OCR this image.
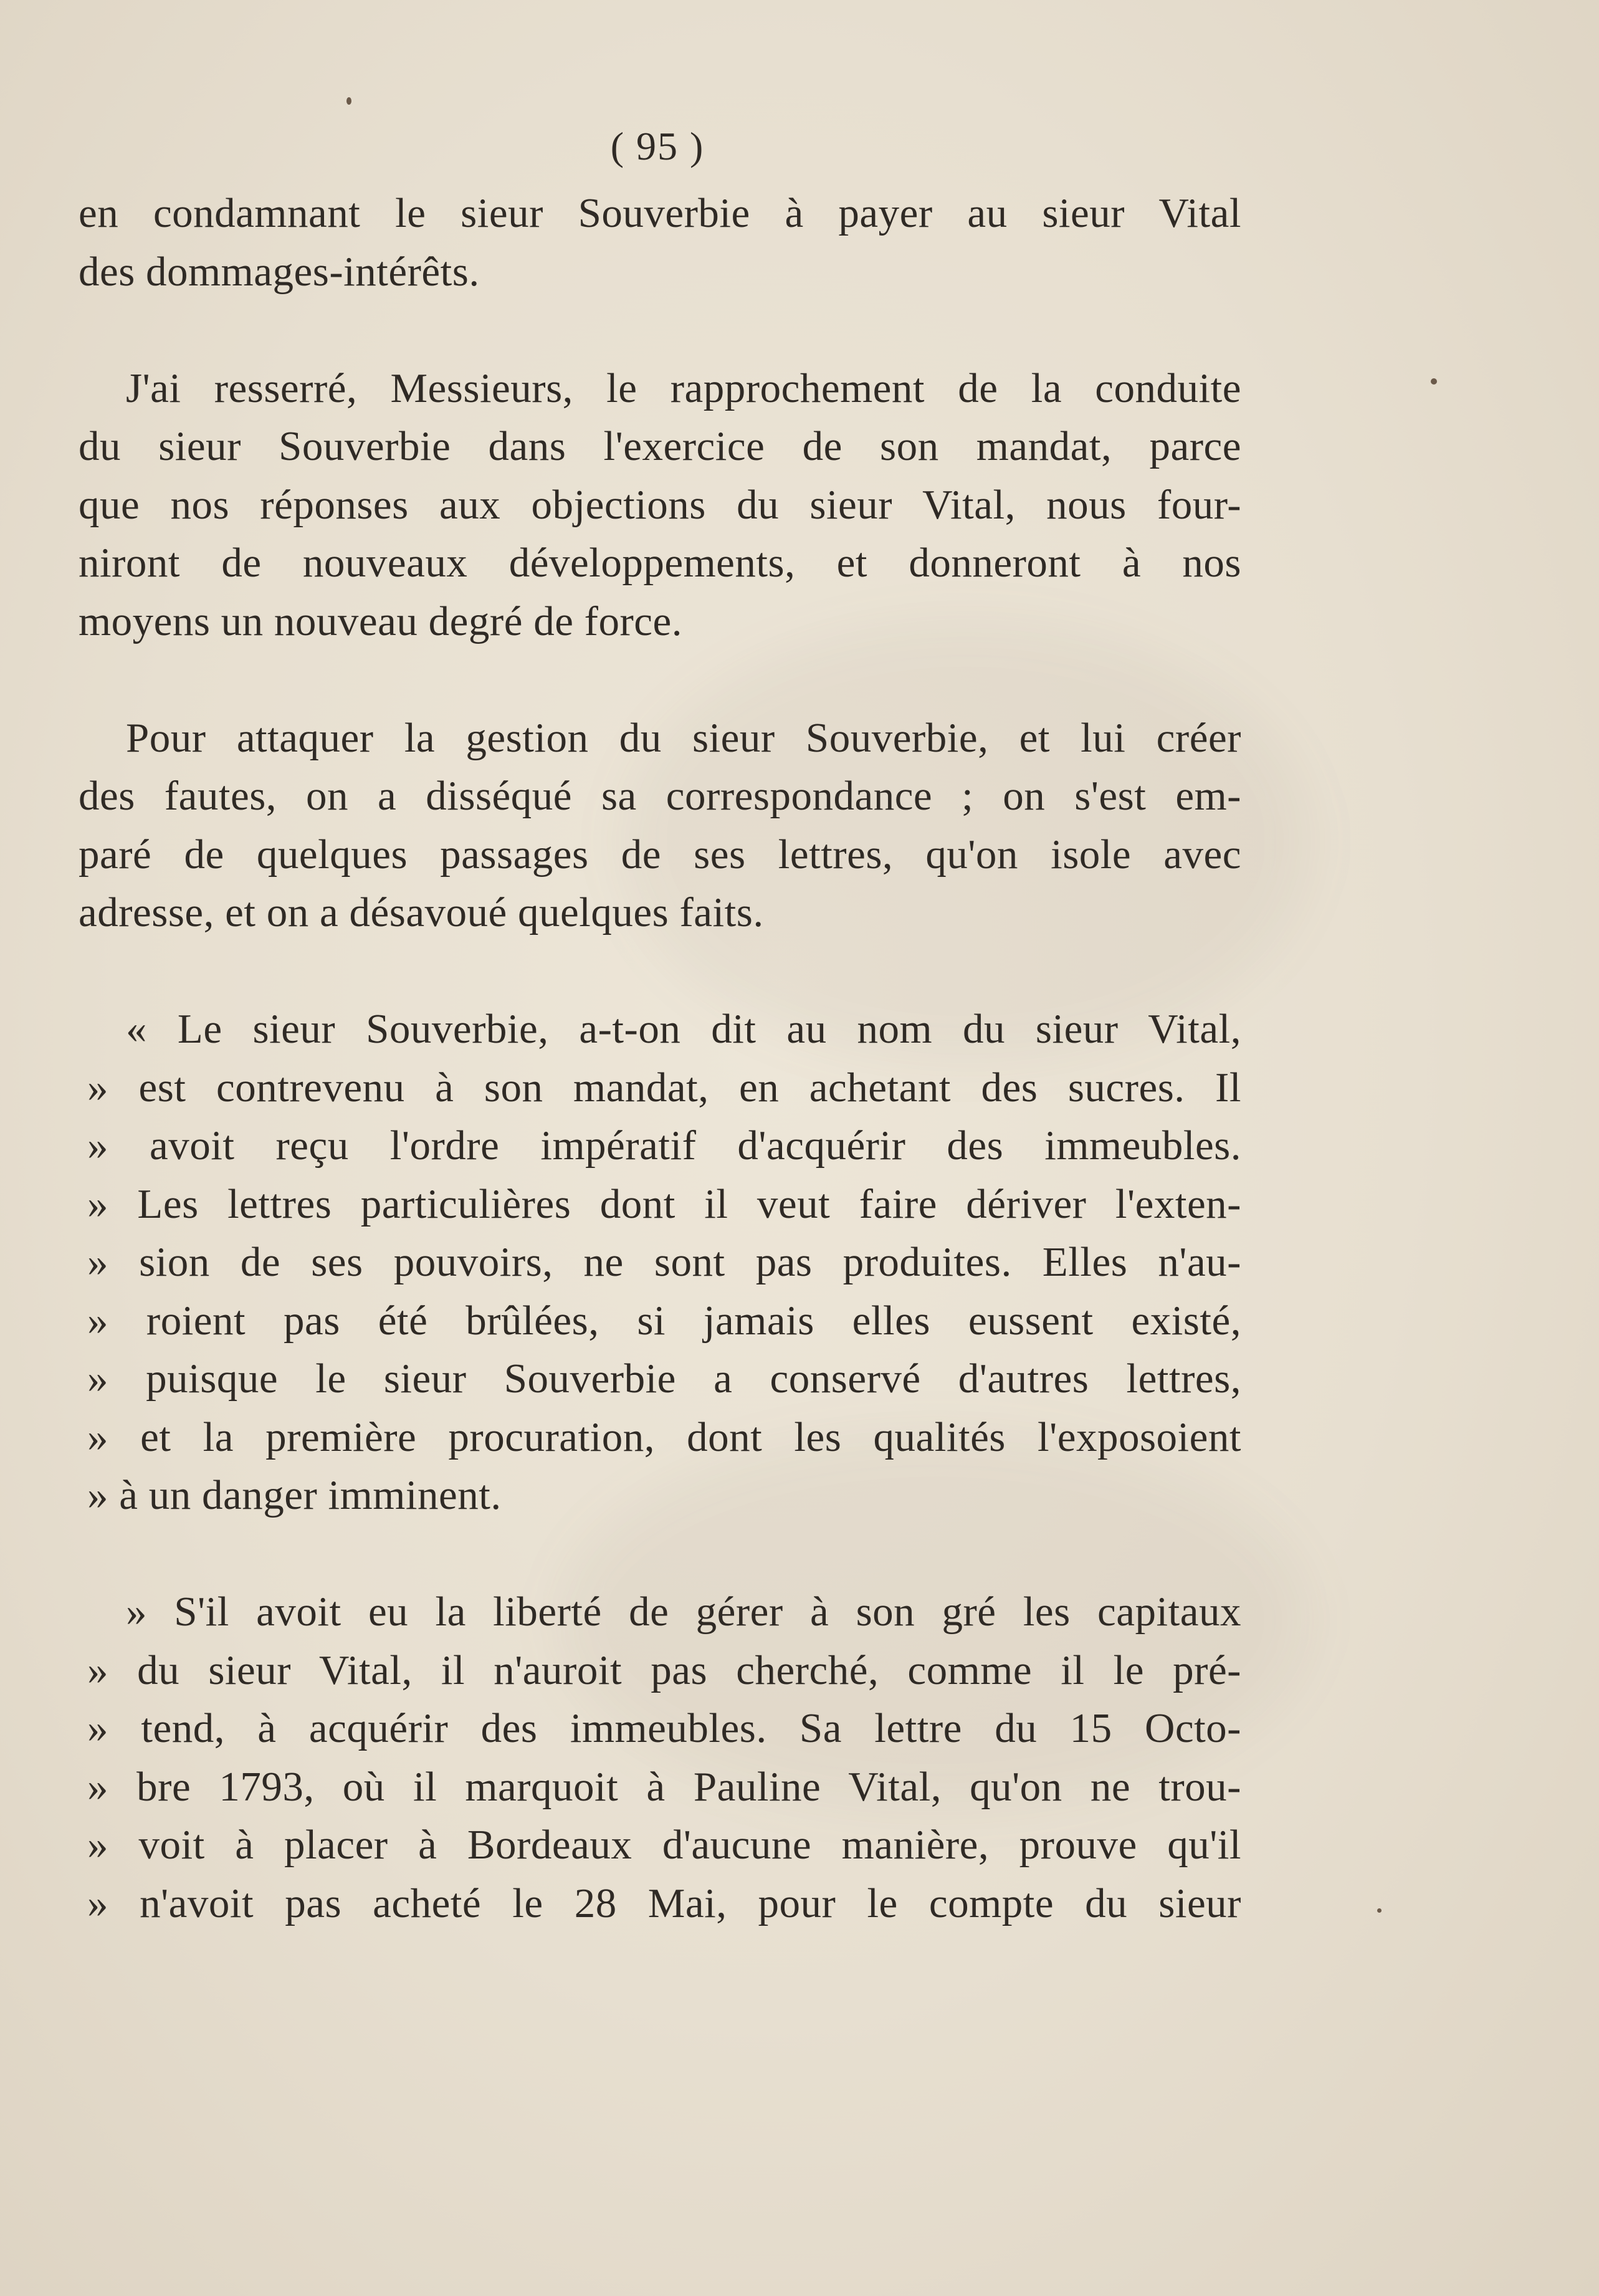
( 95 )
en condamnant le sieur Souverbie à payer au sieur Vital
des dommages-intérêts.
J'ai resserré, Messieurs, le rapprochement de la conduite
du sieur Souverbie dans l'exercice de son mandat, parce
que nos réponses aux objections du sieur Vital, nous four-
niront de nouveaux développements, et donneront à nos
moyens un nouveau degré de force.
Pour attaquer la gestion du sieur Souverbie, et lui créer
des fautes, on a disséqué sa correspondance ; on s'est em-
paré de quelques passages de ses lettres, qu'on isole avec
adresse, et on a désavoué quelques faits.
« Le sieur Souverbie, a-t-on dit au nom du sieur Vital,
» est contrevenu à son mandat, en achetant des sucres. Il
» avoit reçu l'ordre impératif d'acquérir des immeubles.
» Les lettres particulières dont il veut faire dériver l'exten-
» sion de ses pouvoirs, ne sont pas produites. Elles n'au-
» roient pas été brûlées, si jamais elles eussent existé,
» puisque le sieur Souverbie a conservé d'autres lettres,
» et la première procuration, dont les qualités l'exposoient
» à un danger imminent.
» S'il avoit eu la liberté de gérer à son gré les capitaux
» du sieur Vital, il n'auroit pas cherché, comme il le pré-
» tend, à acquérir des immeubles. Sa lettre du 15 Octo-
» bre 1793, où il marquoit à Pauline Vital, qu'on ne trou-
» voit à placer à Bordeaux d'aucune manière, prouve qu'il
» n'avoit pas acheté le 28 Mai, pour le compte du sieur
